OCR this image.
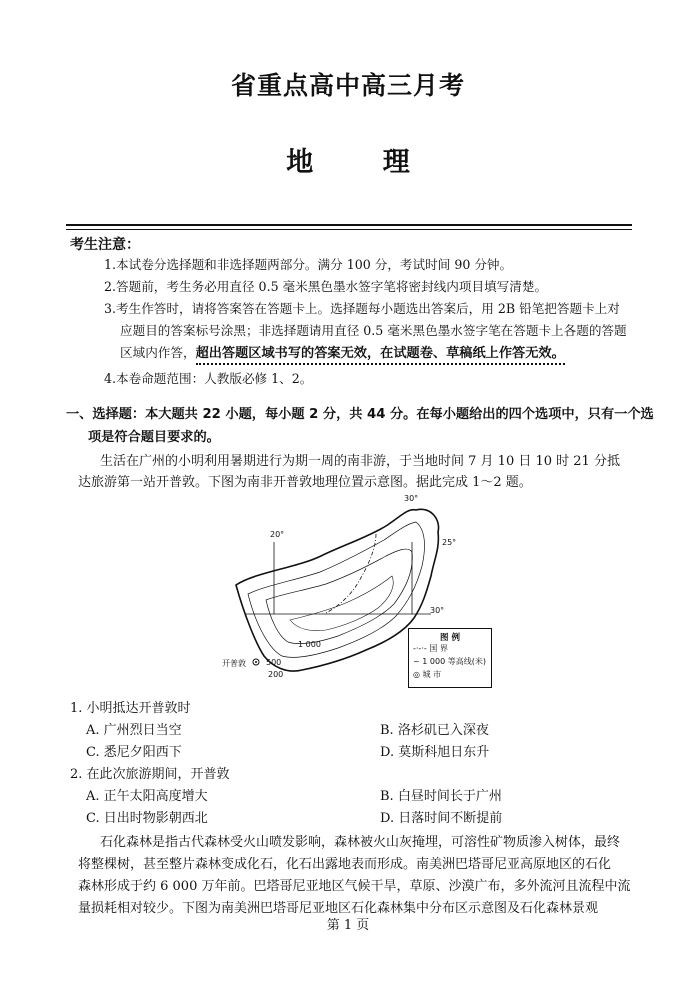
省重点高中高三月考
地 理
考生注意：
1.本试卷分选择题和非选择题两部分。满分 100 分，考试时间 90 分钟。
2.答题前，考生务必用直径 0.5 毫米黑色墨水签字笔将密封线内项目填写清楚。
3.考生作答时，请将答案答在答题卡上。选择题每小题选出答案后，用 2B 铅笔把答题卡上对
应题目的答案标号涂黑；非选择题请用直径 0.5 毫米黑色墨水签字笔在答题卡上各题的答题
区域内作答，超出答题区域书写的答案无效，在试题卷、草稿纸上作答无效。
4.本卷命题范围：人教版必修 1、2。
一、选择题：本大题共 22 小题，每小题 2 分，共 44 分。在每小题给出的四个选项中，只有一个选
项是符合题目要求的。
生活在广州的小明利用暑期进行为期一周的南非游，于当地时间 7 月 10 日 10 时 21 分抵
达旅游第一站开普敦。下图为南非开普敦地理位置示意图。据此完成 1～2 题。
30°
20°
25°
30°
1 000
500
200
开普敦
图 例
-·-·- 国 界
~ 1 000 等高线(米)
◎ 城 市
1. 小明抵达开普敦时
A. 广州烈日当空	B. 洛杉矶已入深夜
C. 悉尼夕阳西下	D. 莫斯科旭日东升
2. 在此次旅游期间，开普敦
A. 正午太阳高度增大	B. 白昼时间长于广州
C. 日出时物影朝西北	D. 日落时间不断提前
石化森林是指古代森林受火山喷发影响，森林被火山灰掩埋，可溶性矿物质渗入树体，最终
将整棵树，甚至整片森林变成化石，化石出露地表而形成。南美洲巴塔哥尼亚高原地区的石化
森林形成于约 6 000 万年前。巴塔哥尼亚地区气候干旱，草原、沙漠广布，多外流河且流程中流
量损耗相对较少。下图为南美洲巴塔哥尼亚地区石化森林集中分布区示意图及石化森林景观
第 1 页
